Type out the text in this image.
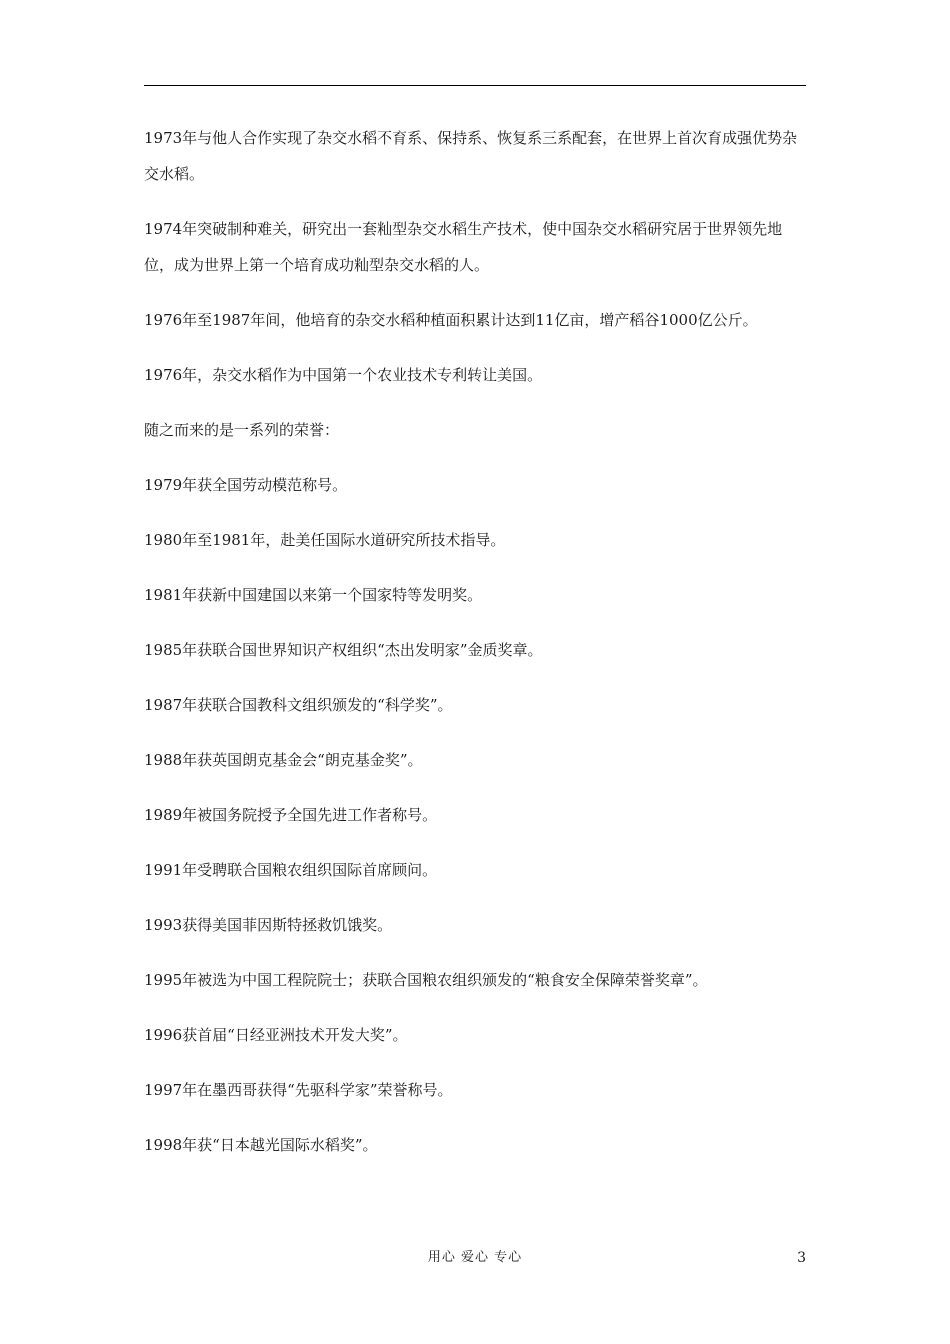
1973年与他人合作实现了杂交水稻不育系、保持系、恢复系三系配套，在世界上首次育成强优势杂交水稻。

1974年突破制种难关，研究出一套籼型杂交水稻生产技术，使中国杂交水稻研究居于世界领先地位，成为世界上第一个培育成功籼型杂交水稻的人。

1976年至1987年间，他培育的杂交水稻种植面积累计达到11亿亩，增产稻谷1000亿公斤。

1976年，杂交水稻作为中国第一个农业技术专利转让美国。

随之而来的是一系列的荣誉：

1979年获全国劳动模范称号。

1980年至1981年，赴美任国际水道研究所技术指导。

1981年获新中国建国以来第一个国家特等发明奖。

1985年获联合国世界知识产权组织“杰出发明家”金质奖章。

1987年获联合国教科文组织颁发的“科学奖”。

1988年获英国朗克基金会“朗克基金奖”。

1989年被国务院授予全国先进工作者称号。

1991年受聘联合国粮农组织国际首席顾问。

1993获得美国菲因斯特拯救饥饿奖。

1995年被选为中国工程院院士；获联合国粮农组织颁发的“粮食安全保障荣誉奖章”。

1996获首届“日经亚洲技术开发大奖”。

1997年在墨西哥获得“先驱科学家”荣誉称号。

1998年获“日本越光国际水稻奖”。

用心 爱心 专心	3
